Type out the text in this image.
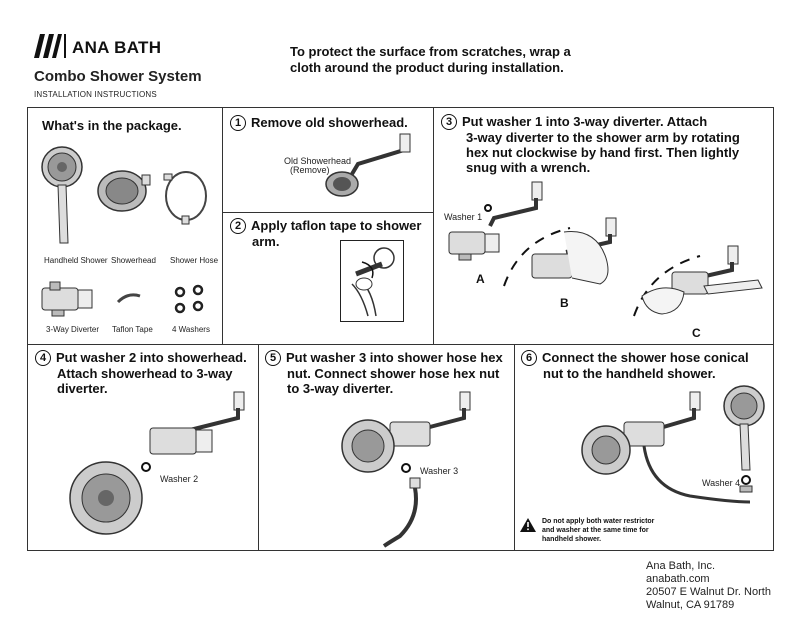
ANA BATH
Combo Shower System
INSTALLATION INSTRUCTIONS
To protect the surface from scratches, wrap a
cloth around the product during installation.
What's in the package.
Handheld Shower Showerhead Shower Hose
3-Way Diverter Taflon Tape 4 Washers
1 Remove old showerhead.
Old Showerhead
(Remove)
2 Apply taflon tape to shower
arm.
3 Put washer 1 into 3-way diverter. Attach
3-way diverter to the shower arm by rotating
hex nut clockwise by hand first. Then lightly
snug with a wrench.
Washer 1
A
B
C
4 Put washer 2 into showerhead.
Attach showerhead to 3-way
diverter.
Washer 2
5 Put washer 3 into shower hose hex
nut. Connect shower hose hex nut
to 3-way diverter.
Washer 3
6 Connect the shower hose conical
nut to the handheld shower.
Washer 4
Do not apply both water restrictor
and washer at the same time for
handheld shower.
Ana Bath, Inc.
anabath.com
20507 E Walnut Dr. North
Walnut, CA 91789
